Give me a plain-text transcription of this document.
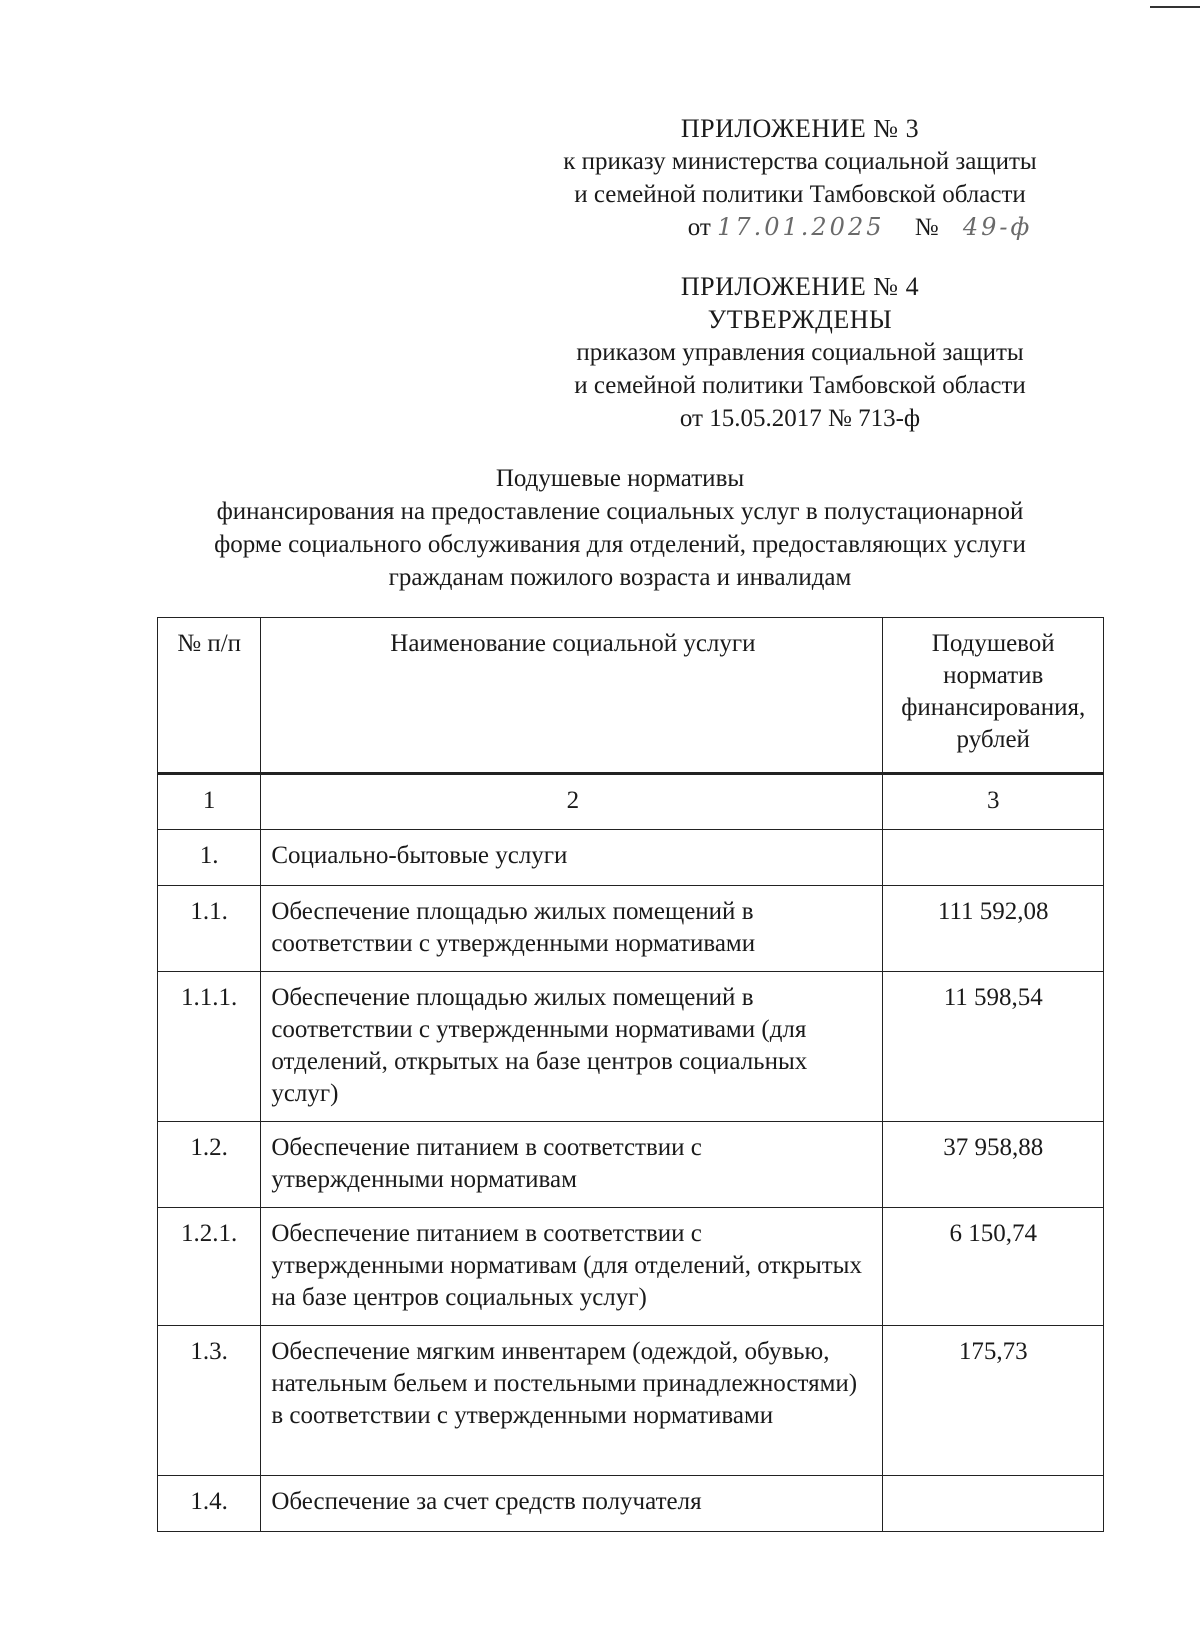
ПРИЛОЖЕНИЕ № 3
к приказу министерства социальной защиты
и семейной политики Тамбовской области
от 17.01.2025 № 49-ф
ПРИЛОЖЕНИЕ № 4
УТВЕРЖДЕНЫ
приказом управления социальной защиты
и семейной политики Тамбовской области
от 15.05.2017 № 713-ф
Подушевые нормативы
финансирования на предоставление социальных услуг в полустационарной
форме социального обслуживания для отделений, предоставляющих услуги
гражданам пожилого возраста и инвалидам
№ п/п	Наименование социальной услуги	Подушевой норматив финансирования, рублей
1	2	3
1.	Социально-бытовые услуги	
1.1.	Обеспечение площадью жилых помещений в соответствии с утвержденными нормативами	111 592,08
1.1.1.	Обеспечение площадью жилых помещений в соответствии с утвержденными нормативами (для отделений, открытых на базе центров социальных услуг)	11 598,54
1.2.	Обеспечение питанием в соответствии с утвержденными нормативам	37 958,88
1.2.1.	Обеспечение питанием в соответствии с утвержденными нормативам (для отделений, открытых на базе центров социальных услуг)	6 150,74
1.3.	Обеспечение мягким инвентарем (одеждой, обувью, нательным бельем и постельными принадлежностями) в соответствии с утвержденными нормативами	175,73
1.4.	Обеспечение за счет средств получателя	
